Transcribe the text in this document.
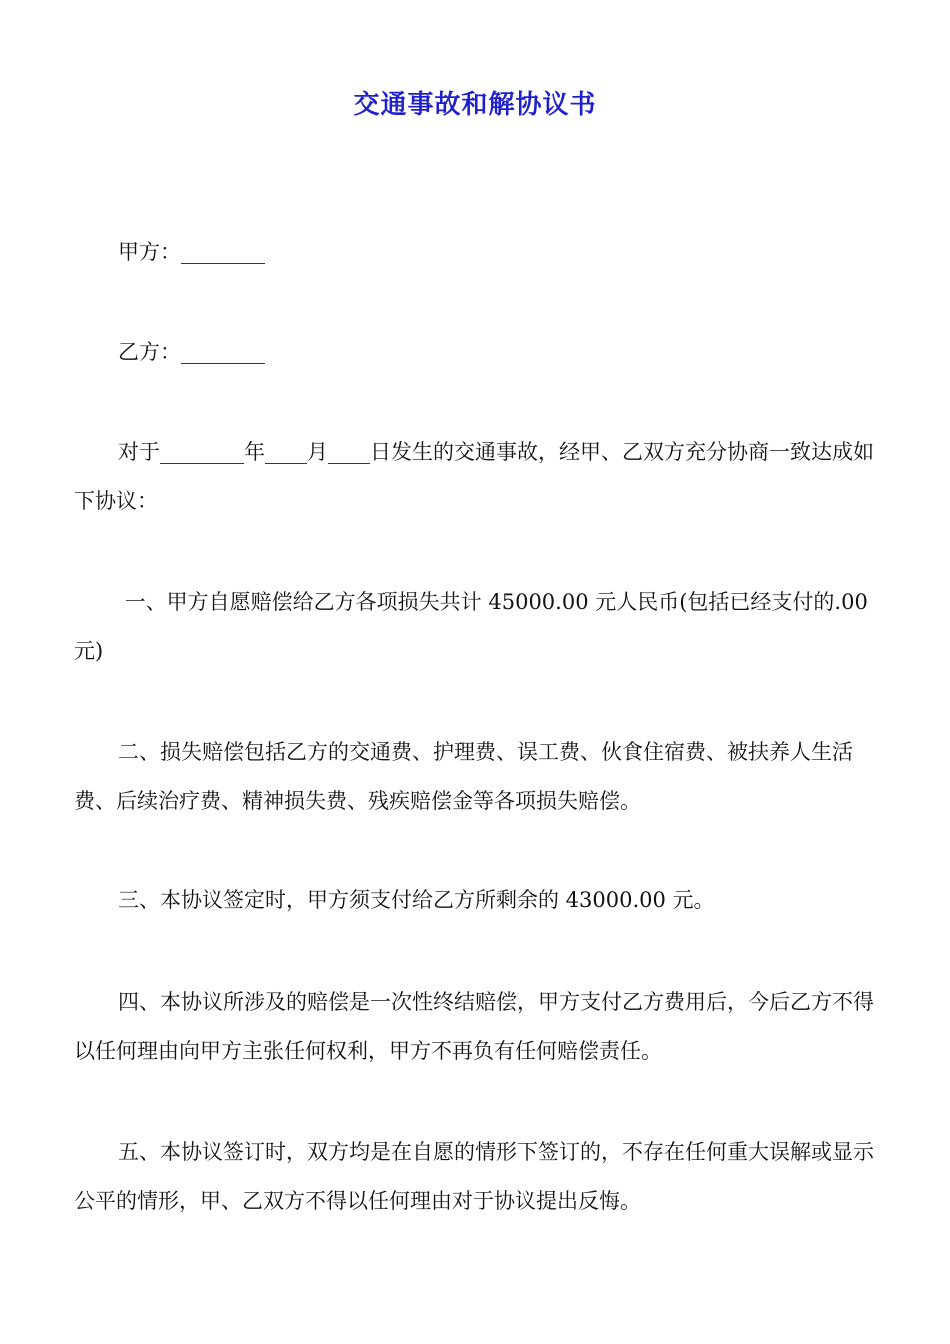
交通事故和解协议书
甲方：________
乙方：________
对于________年____月____日发生的交通事故，经甲、乙双方充分协商一致达成如下协议：
一、甲方自愿赔偿给乙方各项损失共计 45000.00 元人民币(包括已经支付的.00元)
二、损失赔偿包括乙方的交通费、护理费、误工费、伙食住宿费、被扶养人生活费、后续治疗费、精神损失费、残疾赔偿金等各项损失赔偿。
三、本协议签定时，甲方须支付给乙方所剩余的 43000.00 元。
四、本协议所涉及的赔偿是一次性终结赔偿，甲方支付乙方费用后，今后乙方不得以任何理由向甲方主张任何权利，甲方不再负有任何赔偿责任。
五、本协议签订时，双方均是在自愿的情形下签订的，不存在任何重大误解或显示公平的情形，甲、乙双方不得以任何理由对于协议提出反悔。
